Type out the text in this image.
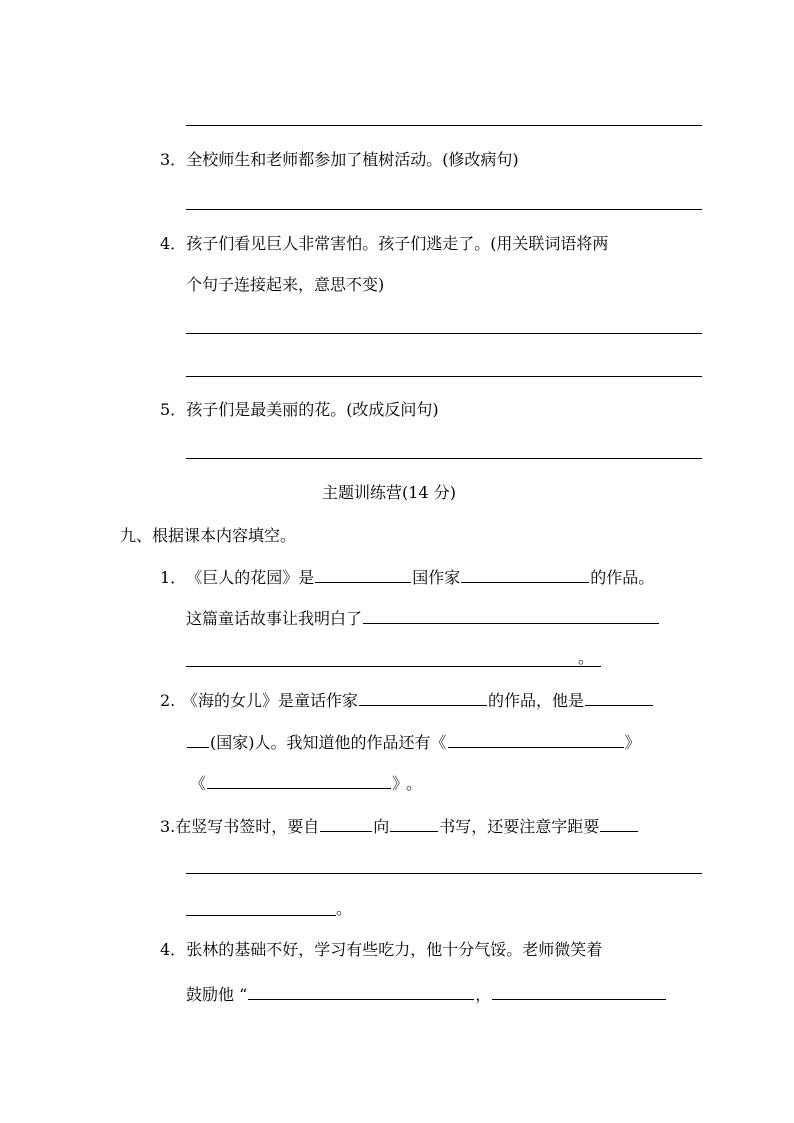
3．全校师生和老师都参加了植树活动。(修改病句)
4．孩子们看见巨人非常害怕。孩子们逃走了。(用关联词语将两
个句子连接起来，意思不变)
5．孩子们是最美丽的花。(改成反问句)
主题训练营(14 分)
九、根据课本内容填空。
1．《巨人的花园》是	国作家	的作品。
这篇童话故事让我明白了
。
2. 《海的女儿》是童话作家	的作品，他是
(国家)人。我知道他的作品还有《	》
《	》 。
3.在竖写书签时，要自	向	书写，还要注意字距要
。
4．张林的基础不好，学习有些吃力，他十分气馁。老师微笑着
鼓励他 “	，
